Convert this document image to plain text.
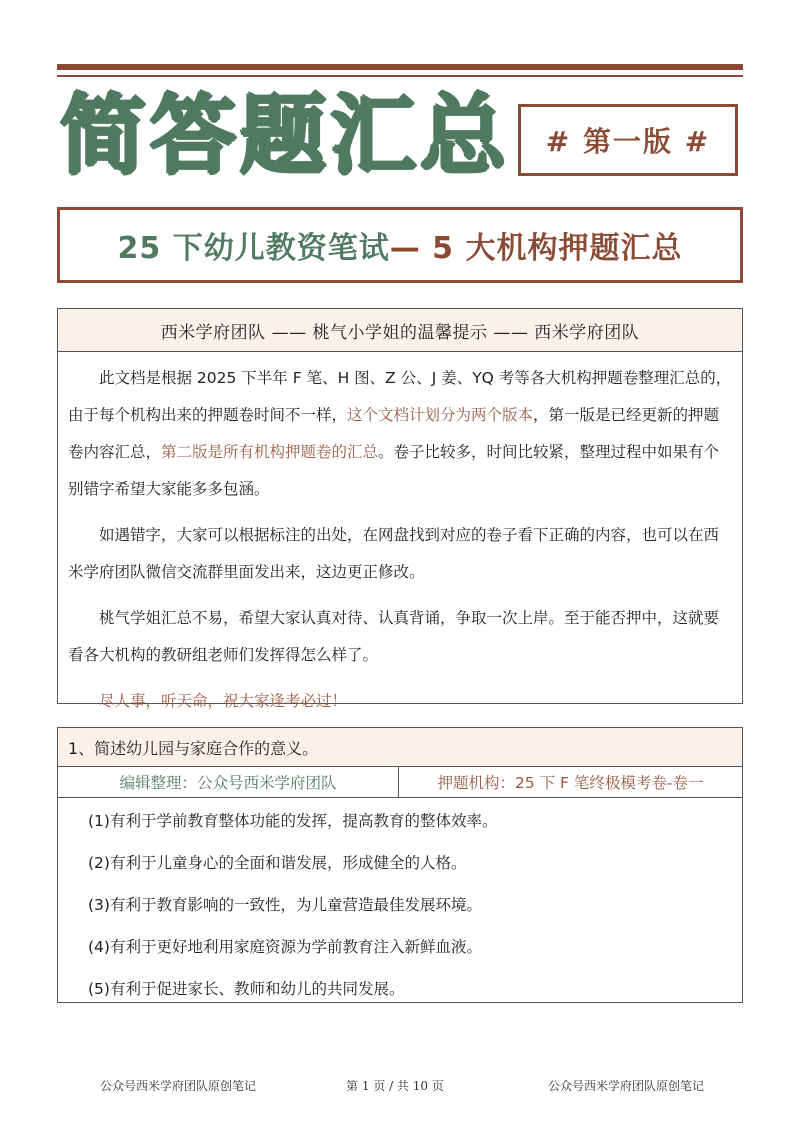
简答题汇总	# 第一版 #
25 下幼儿教资笔试 — 5 大机构押题汇总
西米学府团队 —— 桃气小学姐的温馨提示 —— 西米学府团队

此文档是根据 2025 下半年 F 笔、H 图、Z 公、J 姜、YQ 考等各大机构押题卷整理汇总的，由于每个机构出来的押题卷时间不一样，这个文档计划分为两个版本，第一版是已经更新的押题卷内容汇总，第二版是所有机构押题卷的汇总。卷子比较多，时间比较紧，整理过程中如果有个别错字希望大家能多多包涵。

如遇错字，大家可以根据标注的出处，在网盘找到对应的卷子看下正确的内容，也可以在西米学府团队微信交流群里面发出来，这边更正修改。

桃气学姐汇总不易，希望大家认真对待、认真背诵，争取一次上岸。至于能否押中，这就要看各大机构的教研组老师们发挥得怎么样了。

尽人事，听天命，祝大家逢考必过！

1、简述幼儿园与家庭合作的意义。
编辑整理：公众号西米学府团队	押题机构：25 下 F 笔终极模考卷-卷一
(1)有利于学前教育整体功能的发挥，提高教育的整体效率。
(2)有利于儿童身心的全面和谐发展，形成健全的人格。
(3)有利于教育影响的一致性，为儿童营造最佳发展环境。
(4)有利于更好地利用家庭资源为学前教育注入新鲜血液。
(5)有利于促进家长、教师和幼儿的共同发展。
公众号西米学府团队原创笔记	第 1 页 / 共 10 页	公众号西米学府团队原创笔记
